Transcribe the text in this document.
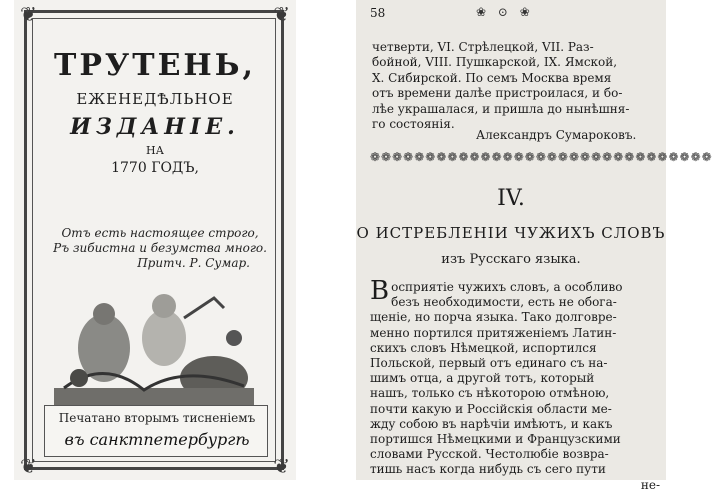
❦	❦
❦	❦
ТРУТЕНЬ,
ЕЖЕНЕДѢЛЬНОЕ
ИЗДАНІЕ.
НА
1770 ГОДЪ,
Отъ есть настоящее строго,
Ръ зибистна и безумства много.
Притч. Р. Сумар.
Печатано вторымъ тисненіемъ
въ санктпетербургѣ
58	❀ ⊙ ❀
четверти, VI. Стрѣлецкой, VII. Раз-
бойной, VIII. Пушкарской, IX. Ямской,
X. Сибирской. По семъ Москва время
отъ времени далѣе пристроилася, и бо-
лѣе украшалася, и пришла до нынѣшня-
го состоянія.
Александръ Сумароковъ.
❁❁❁❁❁❁❁❁❁❁❁❁❁❁❁❁❁❁❁❁❁❁❁❁❁❁❁❁❁❁❁
IV.
О ИСТРЕБЛЕНІИ ЧУЖИХЪ СЛОВЪ
изъ Русскаго языка.
В осприятіе чужихъ словъ, а особливо
безъ необходимости, есть не обога-
щеніе, но порча языка. Тако долговре-
менно портился притяженіемъ Латин-
скихъ словъ Нѣмецкой, испортился
Польской, первый отъ единаго съ на-
шимъ отца, а другой тотъ, который
нашъ, только съ нѣкоторою отмѣною,
почти какую и Россійскія области ме-
жду собою въ нарѣчіи имѣютъ, и какъ
портишся Нѣмецкими и Французскими
словами Русской. Честолюбіе возвра-
тишь насъ когда нибудь съ сего пути
не-
